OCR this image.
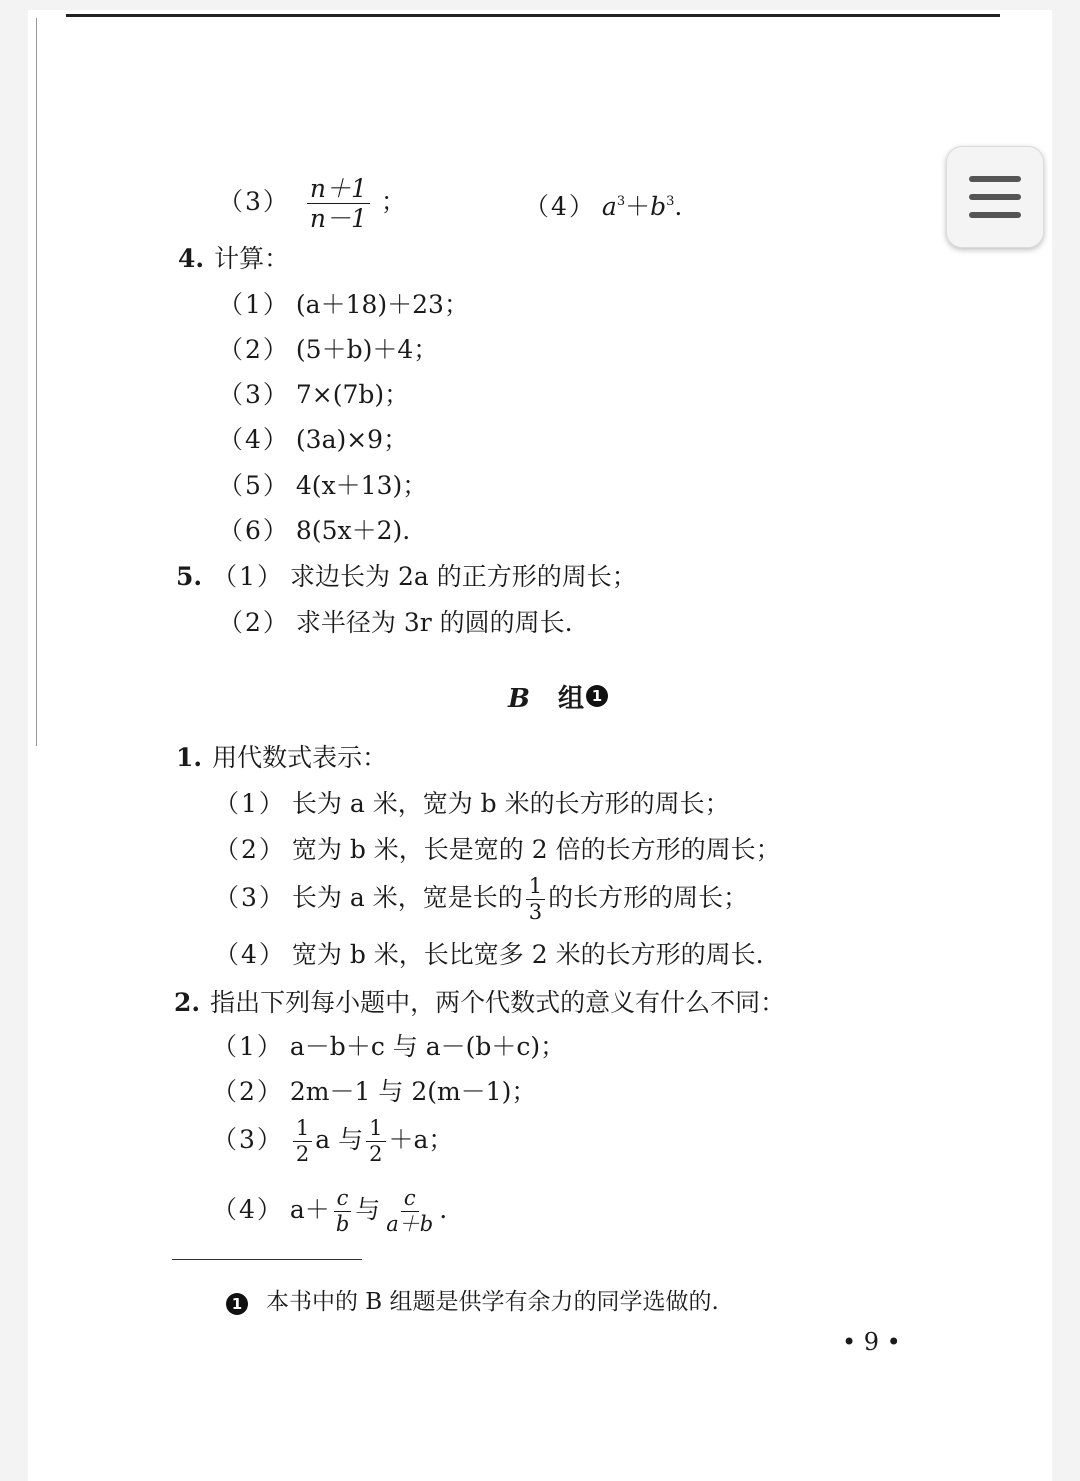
$(3) \frac{n+1}{n-1}$ ；	（4） $a^3+b^3$.
4. 计算：
（1） (a＋18)＋23；
（2） (5＋b)＋4；
（3） 7×(7b)；
（4） (3a)×9；
（5） 4(x＋13)；
（6） 8(5x＋2).
5. （1） 求边长为 2a 的正方形的周长；
（2） 求半径为 3r 的圆的周长.
B 组 1
1. 用代数式表示：
（1） 长为 a 米，宽为 b 米的长方形的周长；
（2） 宽为 b 米，长是宽的 2 倍的长方形的周长；
（3） 长为 a 米，宽是长的 $\frac{1}{3}$ 的长方形的周长；
（4） 宽为 b 米，长比宽多 2 米的长方形的周长.
2. 指出下列每小题中，两个代数式的意义有什么不同：
（1） a－b＋c 与 a－(b＋c)；
（2） 2m－1 与 2(m－1)；
$(3) \frac{1}{2}$ a 与 $\frac{1}{2} +a$；
（4） $a+ \frac{c}{b}$ 与 $\frac{c}{a+b}$ .
1 本书中的 B 组题是供学有余力的同学选做的.
• 9 •
